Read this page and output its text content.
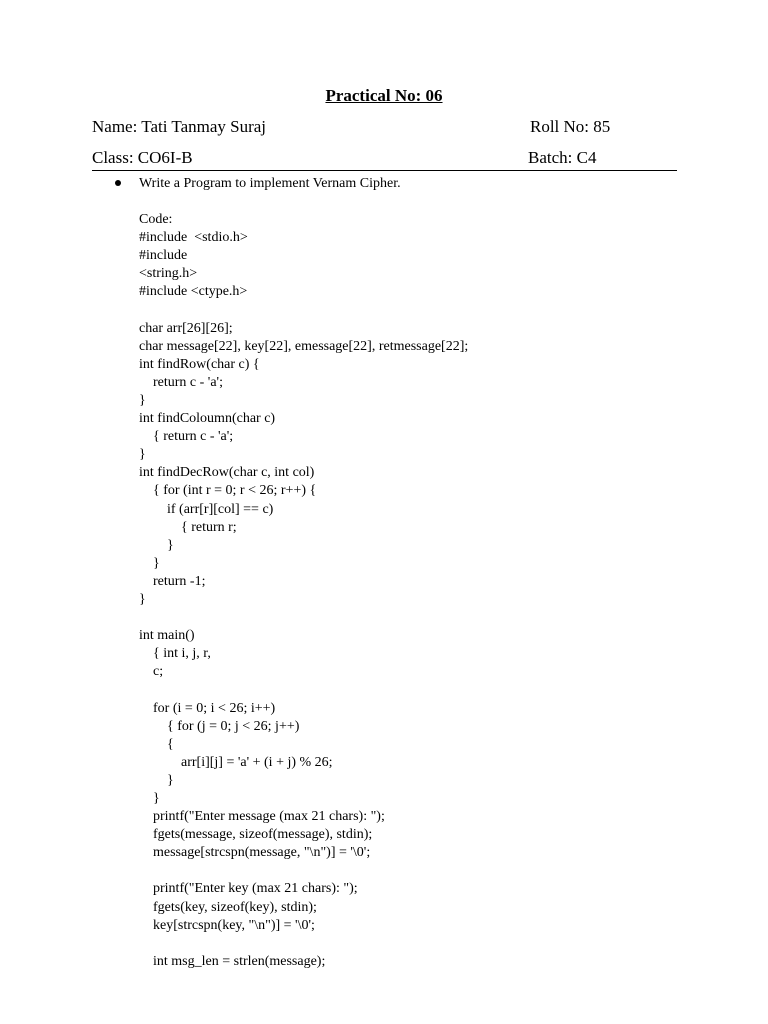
Practical No: 06
Name: Tati Tanmay Suraj	Roll No: 85
Class: CO6I-B	Batch: C4
Write a Program to implement Vernam Cipher.
Code:
#include  <stdio.h>
#include
<string.h>
#include <ctype.h>
char arr[26][26];
char message[22], key[22], emessage[22], retmessage[22];
int findRow(char c) {
return c - 'a';
}
int findColoumn(char c)
{ return c - 'a';
}
int findDecRow(char c, int col)
{ for (int r = 0; r < 26; r++) {
if (arr[r][col] == c)
{ return r;
}
}
return -1;
}
int main()
{ int i, j, r,
c;
for (i = 0; i < 26; i++)
{ for (j = 0; j < 26; j++)
{
arr[i][j] = 'a' + (i + j) % 26;
}
}
printf("Enter message (max 21 chars): ");
fgets(message, sizeof(message), stdin);
message[strcspn(message, "\n")] = '\0';
printf("Enter key (max 21 chars): ");
fgets(key, sizeof(key), stdin);
key[strcspn(key, "\n")] = '\0';
int msg_len = strlen(message);
